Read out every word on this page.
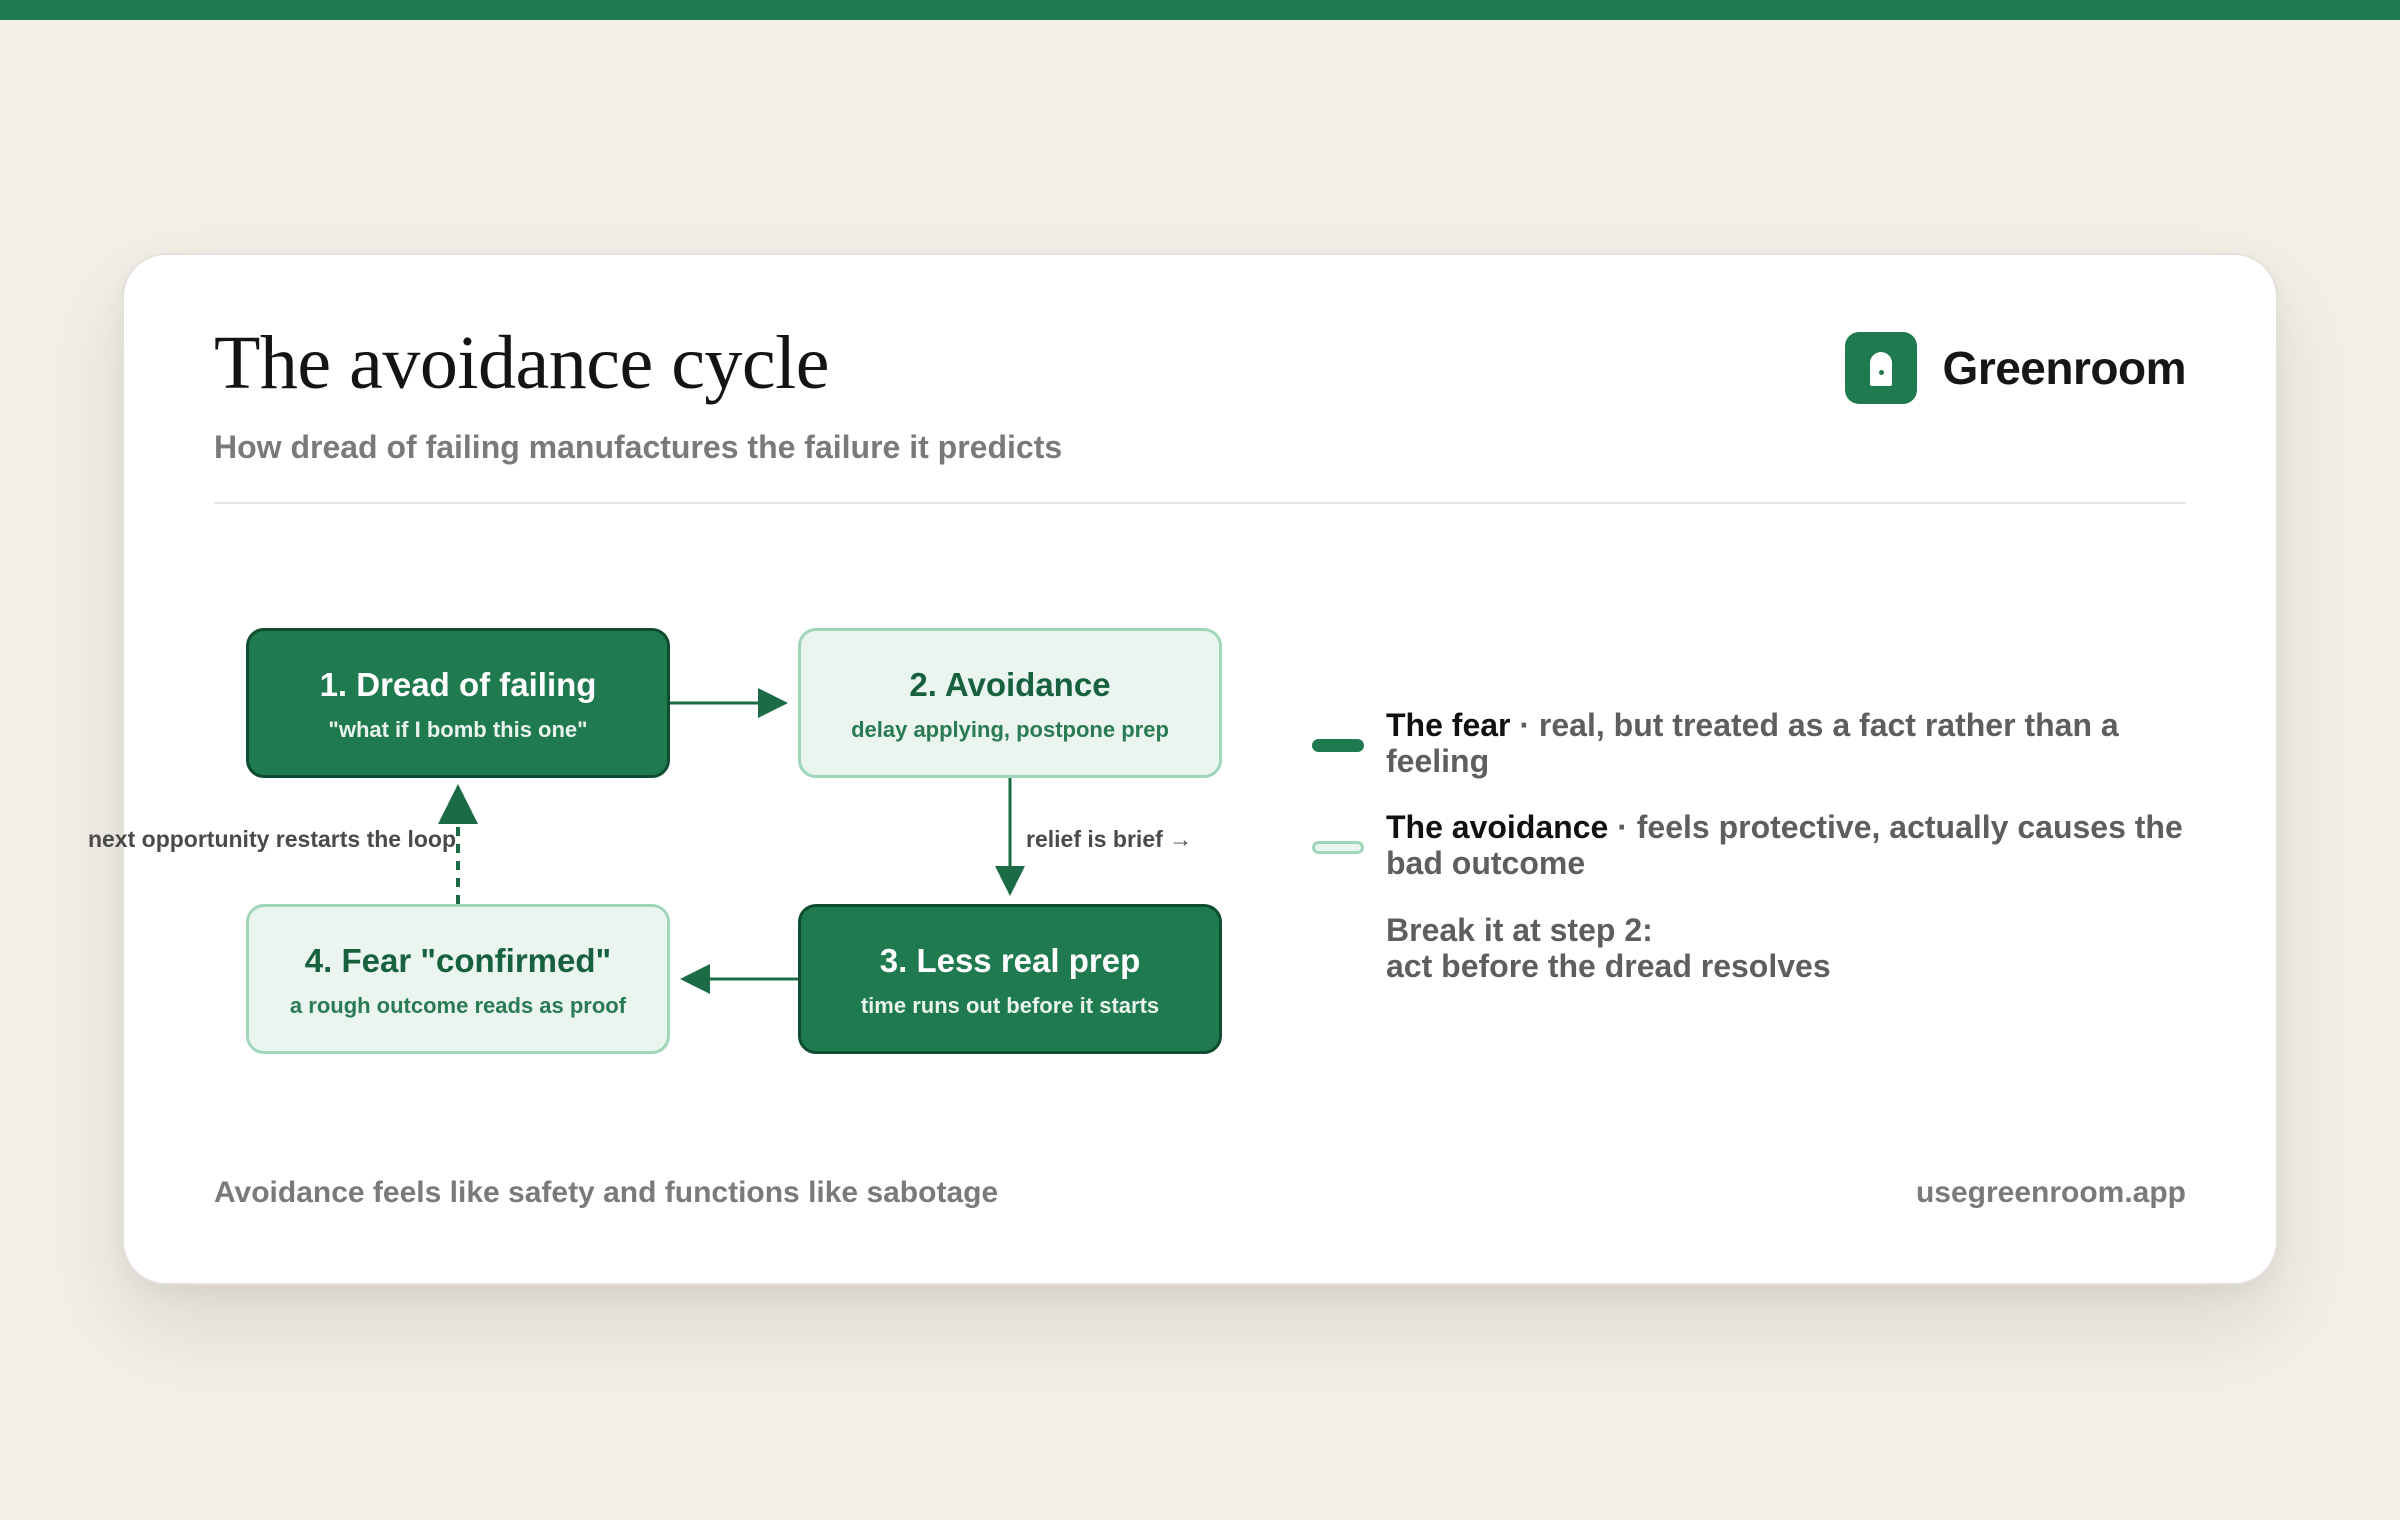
The avoidance cycle

How dread of failing manufactures the failure it predicts

Greenroom
1. Dread of failing
"what if I bomb this one"
2. Avoidance
delay applying, postpone prep
3. Less real prep
time runs out before it starts
4. Fear "confirmed"
a rough outcome reads as proof
relief is brief →
next opportunity restarts the loop
The fear · real, but treated as a fact rather than a feeling
The avoidance · feels protective, actually causes the bad outcome
Break it at step 2:
act before the dread resolves
Avoidance feels like safety and functions like sabotage	usegreenroom.app
